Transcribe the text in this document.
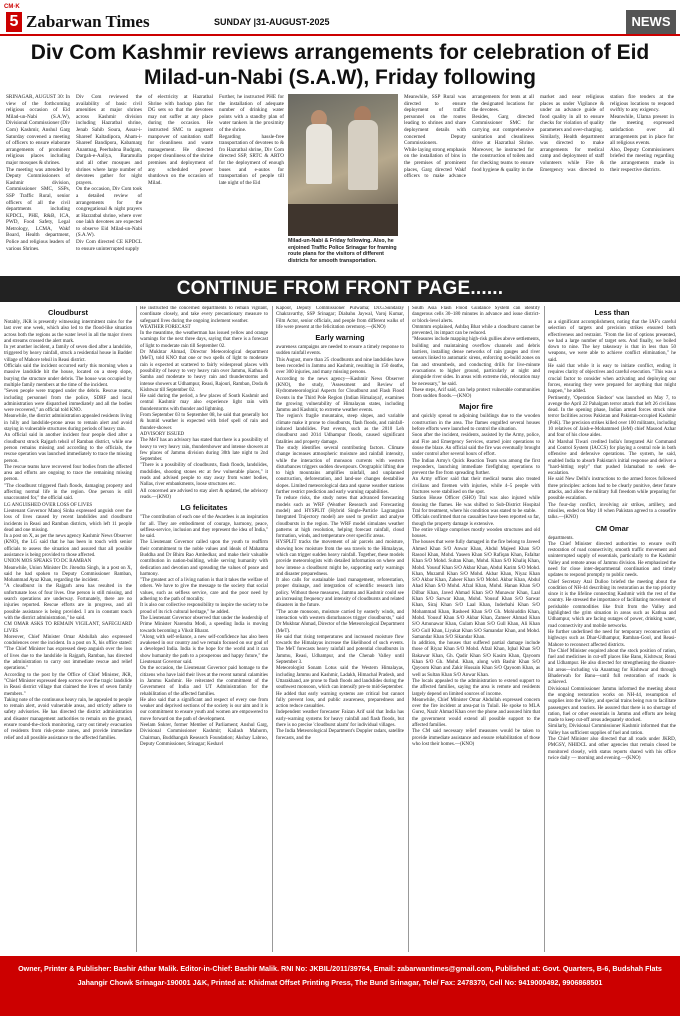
CM·K
5 Zabarwan Times	SUNDAY |31-AUGUST-2025	NEWS
Div Com Kashmir reviews arrangements for celebration of Eid Milad-un-Nabi (S.A.W), Friday following
SRINAGAR, AUGUST 30: In view of the forthcoming religious occasion of Eid Milad-un-Nabi (S.A.W), Divisional Commissioner (Div Com) Kashmir, Anshul Garg Saturday convened a meeting of officers to ensure elaborate arrangements of prominent religious places including major mosques & shrines.
The meeting was attended by Deputy Commissioners of Kashmir division, Commissioner SMC, SSPs, SSP Traffic Rural, senior officers of all the civil departments including KPDCL, PHE, R&B, ICA, PWD, Food Safety, Legal Metrology, LCMA, Wakf Board, Health department, Police and religious leaders of various Shrines.
Div Com reviewed the availability of basic civil amenities at major shrines across Kashmir division including Hazratbal shrine, Jenab Sahib Soura, Assar-i-Shareef Kaltadipora, Aham-i-Shareef Bandipora, Kabamarg Anantnag, Peerbabna Budgam, Dargah-e-Aaliya, Baramulla and all other mosques and shrines where large number of devotees gather for night prayers.
On the occasion, Div Com took a detailed review of arrangements for the congregational & night prayers at Hazratbal shrine, where over one lakh devotees are expected to observe Eid Milad-un-Nabi (S.A.W).
Div Com directed CE KPDCL to ensure uninterrupted supply
of electricity at Hazratbal Shrine with backup plan for DG sets so that the devotees may not suffer at any place during the occasion. He instructed SMC to augment manpower of sanitation staff for cleanliness and waste management. He directed proper cleanliness of the shrine premises and deployment of any scheduled power shutdown on the occasion of Milad.
Further, he instructed PHE for the installation of adequate number of drinking water points with a standby plan of water tankers in the proximity of the shrine.
Regarding hassle-free transportation of devotees to & fro Hazratbal shrine, Div Com directed SSP, SRTC & ARTO for the deployment of enough buses and e-autos for transportation of people till late night of the Eid
Milad-un-Nabi & Friday following. Also, he enjoined Traffic Police Srinagar for framing route plans for the visitors of different districts for smooth transportation.
Meanwhile, SSP Rural was directed to ensure deployment of traffic personnel on the routes leading to shrines and share deployment details with concerned Deputy Commissioners.
While laying strong emphasis on the installation of bins in the premises of prominent places, Garg directed Wakf officers to make advance arrangements for tents at all the designated locations for the devotees.
Besides, Garg directed Commissioner SMC for carrying out comprehensive sanitation and cleanliness drive at Hazratbal Shrine. Moreover, he instructed for the construction of toilets and for checking teams to ensure food hygiene & quality in the
market and near religious places as under Vigilance & under an advance guide of food quality in all to ensure checks for violation of quality parameters and over-charging.
Similarly, Health department was directed to make arrangements for medical camp and deployment of staff volunteers while Fire & Emergency was directed to station fire tenders at the religious locations to respond swiftly to any exigency.
Meanwhile, Ulama present in the meeting expressed satisfaction over all arrangements put in place for all religious events.
Also, Deputy Commissioners briefed the meeting regarding the arrangements made in their respective districts.
CONTINUE FROM FRONT PAGE......
Cloudburst
Notably, JKR is presently witnessing intermittent rains for the last over one week, which also led to the flood-like situation across both the regions as the water level in all the major rivers and streams crossed the alert mark.
In yet another incident, a family of seven died after a landslide, triggered by heavy rainfall, struck a residential house in Badder village of Mahore tehsil in Reasi district.
Officials said the incident occurred early this morning when a massive landslide hit the house, located on a steep slope, burying the structure under debris. The house was occupied by multiple family members at the time of the incident.
"Seven people were trapped under the debris. Rescue teams, including personnel from the police, SDRF and local administration were dispatched immediately and all the bodies were recovered," an official told KNO.
Meanwhile, the district administration appealed residents living in hilly and landslide-prone areas to remain alert and avoid staying in vulnerable structures during periods of heavy rain.
An official said in another incident four people died after a cloudburst struck Rajgarh tehsil of Ramban district, while one person remains missing and according to the officials, the rescue operation was launched immediately to trace the missing person.
The rescue teams have recovered four bodies from the affected area and efforts are ongoing to trace the remaining missing person.
"The cloudburst triggered flash floods, damaging property and affecting normal life in the region. One person is still unaccounted for," the official said.
LG ANGUISHED OVER LOSS OF LIVES
Lieutenant Governor Manoj Sinha expressed anguish over the loss of lives caused by recent landslides and cloudburst incidents in Reasi and Ramban districts, which left 11 people dead and one missing.
In a post on X, as per the news agency Kashmir News Observer (KNO), the LG said that he has been in touch with senior officials to assess the situation and assured that all possible assistance is being provided to those affected.
UNION MOS SPEAKS TO DC RAMBAN
Meanwhile, Union Minister Dr. Jitendra Singh, in a post on X, said he had spoken to Deputy Commissioner Ramban, Mohammad Ayaz Khan, regarding the incident.
"A cloudburst in the Rajgarh area has resulted in the unfortunate loss of four lives. One person is still missing, and search operations are underway. Fortunately, there are no injuries reported. Rescue efforts are in progress, and all possible assistance is being provided. I am in constant touch with the district administration," he said.
CM OMAR ASKS TO REMAIN VIGILANT, SAFEGUARD LIVES
Moreover, Chief Minister Omar Abdullah also expressed condolences over the incident. In a post on X, his office stated: "The Chief Minister has expressed deep anguish over the loss of lives due to the landslide in Rajgarh, Ramban, has directed the administration to carry out immediate rescue and relief operations."
According to the post by the Office of Chief Minister, JKR, "Chief Minister expressed deep sorrow over the tragic landslide in Reasi district village that claimed the lives of seven family members."
Taking note of the continuous heavy rain, he appealed to people to remain alert, avoid vulnerable areas, and strictly adhere to safety advisories. He has directed the district administration and disaster management authorities to remain on the ground, ensure round-the-clock monitoring, carry out timely evacuation of residents from risk-prone zones, and provide immediate relief and all possible assistance to the affected families.
He instructed the concerned departments to remain vigilant, coordinate closely, and take every precautionary measure to safeguard lives during the ongoing inclement weather.
WEATHER FORECAST
In the meantime, the weatherman has issued yellow and orange warnings for the next three days, saying that there is a forecast of light to moderate rain till September 02.
Dr Mukhtar Ahmad, Director Meteorological department (MeT), told KNO that one or two spells of light to moderate rain is expected at scattered to fairly widespread places with possibility of heavy to very heavy rain over Jammu, Kathua & Samba and moderate to heavy rain and thunderstorms and intense showers at Udhampur, Reasi, Rajouri, Ramban, Doda & Kishtwar till September 02.
He said during the period, a few places of South Kashmir and central Kashmir may also experience light rain with thunderstorms with thunder and lightning.
From September 03 to September 08, he said that generally hot & humid weather is expected with brief spell of rain and thunder-shower.
ADVISORY ISSUED
The MeT has an advisory has stated that there is a possibility of heavy to very heavy rain, thundershower and intense showers at few places of Jammu division during 30th late night to 2nd September.
"There is a possibility of cloudbursts, flash floods, landslides, mudslides, shooting stones etc at few vulnerable places," it reads and advised people to stay away from water bodies, Nallas, river embankments, loose structures etc.
All concerned are advised to stay alert & updated, the advisory reads.—(KNO)
LG felicitates
"The contribution of each one of the Awardees is an inspiration for all. They are embodiment of courage, harmony, peace, selfless-service, inclusion and they represent the idea of India," he said.
The Lieutenant Governor called upon the youth to reaffirm their commitment to the noble values and ideals of Mahatma Buddha and Dr Bhim Rao Ambedkar, and make their valuable contribution in nation-building, while serving humanity with dedication and devotion and spreading the values of peace and harmony.
"The greatest act of a living nation is that it takes the welfare of others. We have to give the message to the society that social values, such as selfless service, care and the poor need by adhering to the path of morality.
It is also our collective responsibility to inspire the society to be proud of its rich cultural heritage," he added.
The Lieutenant Governor observed that under the leadership of Prime Minister Narendra Modi, a speeding India is moving towards becoming a Viksit Bharat.
"Along with self-reliance, a new self-confidence has also been awakened in our country and we remain focused on our goal of a developed India. India is the hope for the world and it can show humanity the path to a prosperous and happy future," the Lieutenant Governor said.
On the occasion, the Lieutenant Governor paid homage to the citizens who have laid their lives at the recent natural calamities in Jammu Kashmir. He reiterated the commitment of the Government of India and UT Administration for the rehabilitation of the affected families.
He also said that a significant and respect of every one from weaker and deprived sections of the society is our aim and it is our commitment to ensure youth and women are empowered to move forward on the path of development.
Neelam Snkrer, former Member of Parliament; Anshul Garg, Divisional Commissioner Kashmir; Kailash Mahorm, Chairman, Buddhangah Research Foundation; Akshay Labroo, Deputy Commissioner, Srinagar; Keshavl
Kapoor, Deputy Commissioner Pulwama; Dr.G.Sundaray Chakravarthy, SSP Srinagar; Diabahu Jaywal, Varoj Kumar, Film Actor, senior officials, and people from different walks of life were present at the felicitation ceremony.—(KNO)
Early warning
awareness campaigns are needed to ensure a timely response to sudden rainfall events.
This August, more than 25 cloudbursts and nine landslides have been recorded in Jammu and Kashmir, resulting in 150 deaths, over 300 injuries, and many missing persons.
According to the news agency—Kashmir News Observer (KNO), the study, 'Assessment and Review of Hydrometeorological Aspects for Cloudburst and Flash Flood Events in the Third Pole Region (Indian Himalaya)', examines the growing vulnerability of Himalayan states, including Jammu and Kashmir, to extreme weather events.
The region's fragile mountains, steep slopes, and variable climate make it prone to cloudbursts, flash floods, and rainfall-induced landslides. Past events, such as the 2010 Leh cloudburst and 2014 Udhampur floods, caused significant fatalities and property damage.
The study identifies several contributing factors. Climate change increases atmospheric moisture and rainfall intensity, while the interaction of monsoon currents with western disturbances triggers sudden downpours. Orographic lifting due to high mountains amplifies rainfall, and unplanned construction, deforestation, and land-use changes destabilise slopes. Limited meteorological data and sparse weather stations further restrict prediction and early warning capabilities.
To reduce risks, the study notes that advanced forecasting models such as WRF (Weather Research and Forecasting model) and HYSPLIT (Hybrid Single-Particle Lagrangian Integrated Trajectory model) are used to predict and analyse cloudbursts in the region. The WRF model simulates weather patterns at high resolution, helping forecast rainfall, cloud formation, winds, and temperature over specific areas.
HYSPLIT tracks the movement of air parcels and moisture, showing how moisture from the sea travels to the Himalayas, which can trigger sudden heavy rainfall. Together, these models provide meteorologists with detailed information on where and how intense a cloudburst might be, supporting early warnings and disaster preparedness.
It also calls for sustainable land management, reforestation, proper drainage, and integration of scientific research into policy. Without these measures, Jammu and Kashmir could see an increasing frequency and intensity of cloudbursts and related disasters in the future.
"The acute monsoon, moisture carried by easterly winds, and interaction with western disturbances trigger cloudbursts," said Dr Mukhtar Ahmad, Director of the Meteorological Department (MeT).
He said that rising temperatures and increased moisture flow towards the Himalayas increase the likelihood of such events. The MeT forecasts heavy rainfall and potential cloudbursts in Jammu, Reasi, Udhampur, and the Chenab Valley until September 3.
Meteorologist Sonam Lotus said the Western Himalayas, including Jammu and Kashmir, Ladakh, Himachal Pradesh, and Uttarakhand, are prone to flash floods and landslides during the southwest monsoon, which can intensify pre-to mid-September.
He added that early warning systems are critical but cannot fully prevent loss, and public awareness, preparedness and action reduce casualties.
Independent weather forecaster Faizan Arif said that India has early-warning systems for heavy rainfall and flash floods, but there is no precise 'cloudburst alarm' for individual villages.
The India Meteorological Department's Doppler radars, satellite forecasts, and the
South Asia Flash Flood Guidance System can identify dangerous cells 30–180 minutes in advance and issue district- or block-level alerts.
Ommmm explained, Ashfaq Bhat while a cloudburst cannot be prevented, its impact can be reduced.
"Measures include mapping high-risk gullies above settlements, building and maintaining overflow channels and debris barriers, installing dense networks of rain gauges and river sensors linked to automatic sirens, enforcing no-build zones on fan and streambeds, and conducting drills for live-minute evacuations to higher ground, particularly at night and alongside river sides. In areas with extreme risk, relocation may be necessary," he said.
These steps, Arif said, can help protect vulnerable communities from sudden floods.—(KNO)
Major fire
and quickly spread to adjoining buildings due to the wooden construction in the area. The flames engulfed several houses before efforts were launched to control the situation.
Soon after the incident, residents, assisted by the Army, police, and Fire and Emergency Services, started joint operations to douse the blaze. An official said the fire was eventually brought under control after several hours of effort.
The Indian Army's Quick Reaction Team was among the first responders, launching immediate firefighting operations to prevent the fire from spreading further.
An Army officer said that their medical teams also treated civilians and firemen with injuries, while 4–5 people with fractures were stabilised on the spot.
Station House Officer (SHO) Tral was also injured while dousing the flames. He was shifted to Sub-District Hospital Tral for treatment, where his condition was stated to be stable.
Officials confirmed that no casualties have been reported so far, though the property damage is extensive.
The entire village comprises mostly wooden structures and old houses.
The houses that were fully damaged in the fire belong to Javeed Ahmed Khan S/O Anwar Khan, Abdul Majeed Khan S/O Rasool Khan, Mohd. Yaseen Khan S/O Rafiqan Khan, Fafaltar Khan S/O Mohd. Sultan Khan, Mohd. Khan S/O Khaliq Khan, Mohd. Yousuf Khan S/O Akbar Khan, Abdul Karim S/O Mohd. Khan, Muzamil Khan S/O Mohd. Akbar Khan, Niyaz Khan S/O Akbar Khan, Zaheer Khan S/O Mohd. Akbar Khan, Abdul Ahad Khan S/O Mohd. Afzal Khan, Mohd. Hanan Khan S/O Dilbar Khan, Javed Ahmad Khan S/O Munawar Khan, Laal Khan S/O Sarwar Khan, Mohd. Yousuf Khan S/O Sarwar Khan, Siraj Khan S/O Laal Khan, Inderbahi Khan S/O Mohammad Khan, Rasheed Khan S/O Gh. Mohiuddin Khan, Mohd. Yousuf Khan S/O Akbar Khan, Zameer Ahmad Khan S/O Amunawar Khan, Gulam Khan S/O Gull Khan, Ali Khan S/O Gull Khan, Liyakat Khan S/O Samandar Khan, and Mohd. Samandar Khan S/O Sikandar Khan.
In addition, the houses that suffered partial damage include those of Riyaz Khan S/O Mohd. Afzal Khan, Iqbal Khan S/O Bakawar Khan, Gh. Qadir Khan S/O Kasim Khan, Qayoom Khan S/O Gh. Mohd. Khan, along with Bashir Khan S/O Qayoom Khan and Zakir Hussain Khan S/O Qayoom Khan, as well as Sultan Khan S/O Anwar Khan.
The locals appealed to the administration to extend support to the affected families, saying the area is remote and residents largely depend on limited sources of income.
Meanwhile, Chief Minister Omar Abdullah expressed concern over the fire incident at area-pat in Tulail. He spoke to MLA Gurez, Nazir Ahmad Khan over the phone and assured him that the government would extend all possible support to the affected families.
The CM said necessary relief measures would be taken to provide immediate assistance and ensure rehabilitation of those who lost their homes.—(KNO)
Less than
as a significant accomplishment, noting that the IAF's careful selection of targets and precision strikes ensured both effectiveness and restraint. "From the list of options presented, we had a large number of target sets. And finally, we boiled down to nine. The key takeaway is that in less than 50 weapons, we were able to achieve conflict elimination," he said.
He said that while it is easy to initiate conflict, ending it requires clarity of objectives and careful execution. "This was a crucial factor to consider when activating and deploying our forces, ensuring they were prepared for anything that might happen," he added.
Pertinently, 'Operation Sindoor' was launched on May 7, to avenge the April 22 Pahalgam terror attack that left 26 civilians dead. In the opening phase, Indian armed forces struck nine terror facilities across Pakistan and Pakistan-occupied Kashmir (PoK). The precision strikes killed over 100 militants, including 10 relatives of Jaish-e-Mohammed (JeM) chief Masood Azhar and four of his close aides.
Air Marshal Tiwari credited India's Integrated Air Command and Control System (IACCS) for playing a central role in both offensive and defensive operations. The system, he said, enabled India to absorb Pakistan's initial response and deliver a "hard-hitting reply" that pushed Islamabad to seek de-escalation.
He said New Delhi's instructions to the armed forces followed three principles: actions had to be clearly punitive, deter future attacks, and allow the military full freedom while preparing for possible escalation.
The four-day conflict, involving air strikes, artillery, and missiles, ended on May 10 when Pakistan agreed to a ceasefire talks.—(KNO)
CM Omar
departments.
The Chief Minister directed authorities to ensure swift restoration of road connectivity, smooth traffic movement and uninterrupted supply of essentials, particularly to the Kashmir Valley and remote areas of Jammu division. He emphasized the need for close inter-departmental coordination and timely updates to respond promptly to public needs.
Chief Secretary Atal Dulloo briefed the meeting about the condition of NH-44 describing its restoration as the top priority since it is the lifeline connecting Kashmir with the rest of the country. He stressed the importance of facilitating movement of perishable commodities like fruit from the Valley and highlighted the grim situation in areas such as Kathua and Udhampur, which are facing outages of power, drinking water, road connectivity and mobile networks.
He further underlined the need for temporary reconnection of highways such as Dhar-Udhampur, Ramban-Gool, and Reasi-Mahore to reconnect affected districts.
The Chief Minister enquired about the stock position of ration, fuel and medicines in cut-off places like Banu, Kishtwar, Reasi and Udhampur. He also directed for strengthening the disaster-hit areas—including via Anantnag for Kishtwar and through Bhaderwah for Banu—until full restoration of roads is achieved.
Divisional Commissioner Jammu informed the meeting about the ongoing restoration works on NH-44, resumption of supplies into the Valley, and special trains being run to facilitate passengers and tourists. He assured that there is no shortage of ration, fuel or other essentials in Jammu and efforts are being made to keep cut-off areas adequately stocked.
Similarly, Divisional Commissioner Kashmir informed that the Valley has sufficient supplies of fuel and ration.
The Chief Minister also directed that all roads under JKRD, PMGSY, NHIDCL and other agencies that remain closed be monitored closely, with status reports shared with his office twice daily — morning and evening.—(KNO)
Owner, Printer & Publisher: Bashir Athar Malik. Editor-in-Chief: Bashir Malik. RNI No: JKBIL/2011/39764, Email: zabarwantimes@gmail.com, Published at: Govt. Quarters, B-6, Budshah Flats
Jahangir Chowk Srinagar-190001 J&K, Printed at: Khidmat Offset Printing Press, The Bund Srinagar, Tele/ Fax: 2478370, Cell No: 9419000492, 9906868501
